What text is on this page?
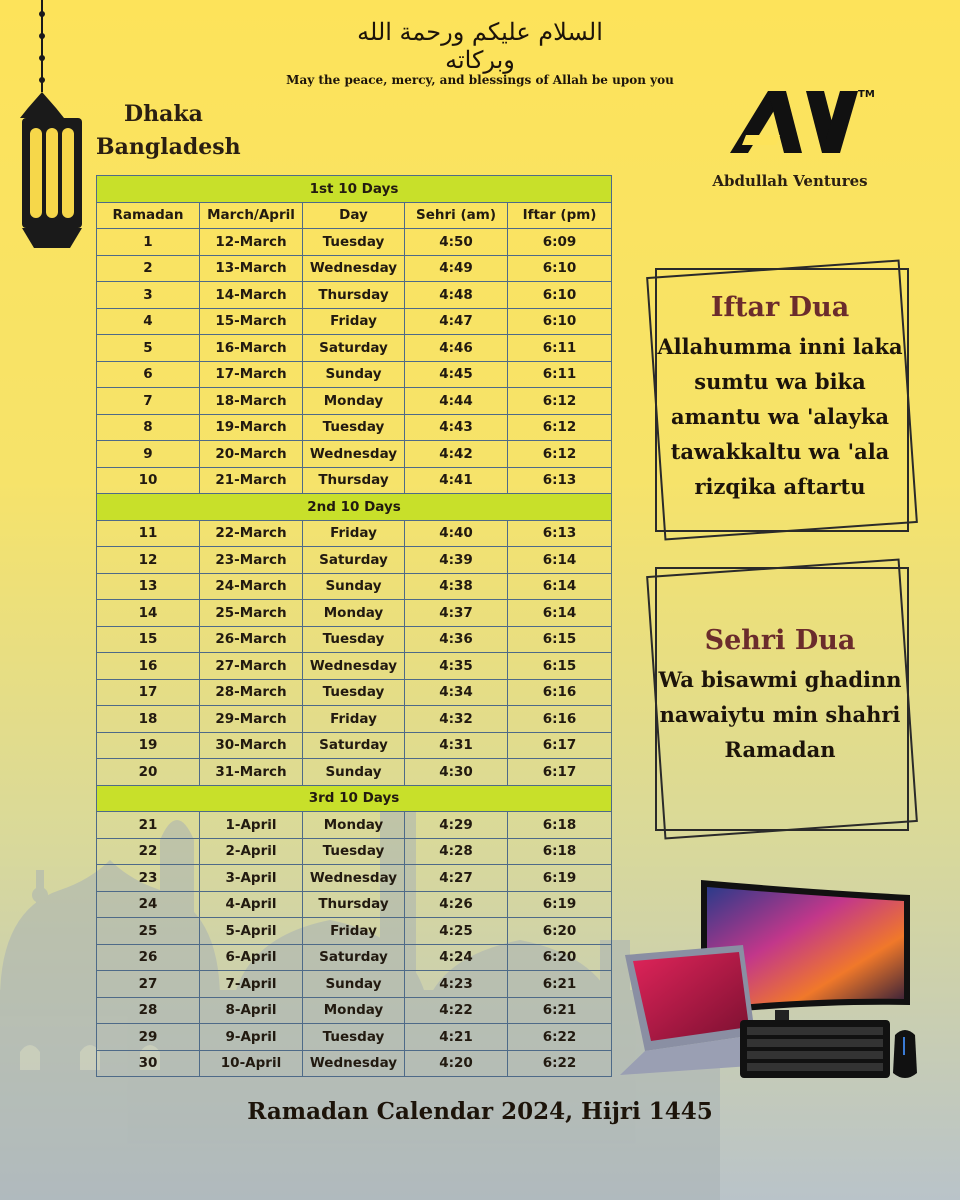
السلام عليكم ورحمة الله وبركاته
May the peace, mercy, and blessings of Allah be upon you
Dhaka
Bangladesh
TM
Abdullah Ventures
1st 10 Days				
Ramadan	March/April	Day	Sehri (am)	Iftar (pm)
1	12-March	Tuesday	4:50	6:09
2	13-March	Wednesday	4:49	6:10
3	14-March	Thursday	4:48	6:10
4	15-March	Friday	4:47	6:10
5	16-March	Saturday	4:46	6:11
6	17-March	Sunday	4:45	6:11
7	18-March	Monday	4:44	6:12
8	19-March	Tuesday	4:43	6:12
9	20-March	Wednesday	4:42	6:12
10	21-March	Thursday	4:41	6:13
2nd 10 Days				
11	22-March	Friday	4:40	6:13
12	23-March	Saturday	4:39	6:14
13	24-March	Sunday	4:38	6:14
14	25-March	Monday	4:37	6:14
15	26-March	Tuesday	4:36	6:15
16	27-March	Wednesday	4:35	6:15
17	28-March	Tuesday	4:34	6:16
18	29-March	Friday	4:32	6:16
19	30-March	Saturday	4:31	6:17
20	31-March	Sunday	4:30	6:17
3rd 10 Days				
21	1-April	Monday	4:29	6:18
22	2-April	Tuesday	4:28	6:18
23	3-April	Wednesday	4:27	6:19
24	4-April	Thursday	4:26	6:19
25	5-April	Friday	4:25	6:20
26	6-April	Saturday	4:24	6:20
27	7-April	Sunday	4:23	6:21
28	8-April	Monday	4:22	6:21
29	9-April	Tuesday	4:21	6:22
30	10-April	Wednesday	4:20	6:22
Iftar Dua
Allahumma inni laka
sumtu wa bika
amantu wa 'alayka
tawakkaltu wa 'ala
rizqika aftartu
Sehri Dua
Wa bisawmi ghadinn
nawaiytu min shahri
Ramadan
Ramadan Calendar 2024, Hijri 1445
